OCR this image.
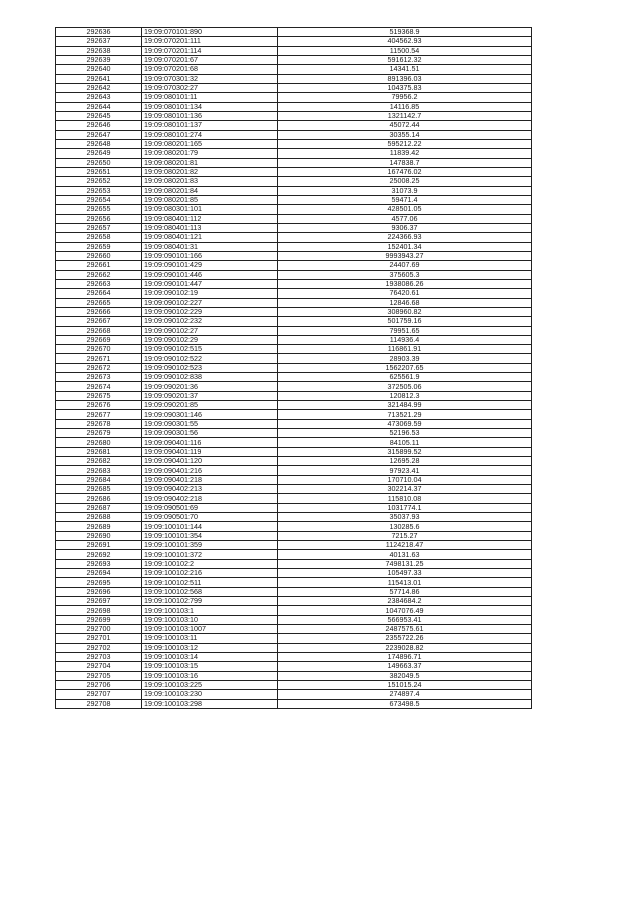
292636	19:09:070101:890	519368.9
292637	19:09:070201:111	404562.93
292638	19:09:070201:114	11500.54
292639	19:09:070201:67	591612.32
292640	19:09:070201:68	14341.51
292641	19:09:070301:32	891396.03
292642	19:09:070302:27	104375.83
292643	19:09:080101:11	79956.2
292644	19:09:080101:134	14116.85
292645	19:09:080101:136	1321142.7
292646	19:09:080101:137	45072.44
292647	19:09:080101:274	30355.14
292648	19:09:080201:165	595212.22
292649	19:09:080201:79	11839.42
292650	19:09:080201:81	147838.7
292651	19:09:080201:82	167476.02
292652	19:09:080201:83	25008.25
292653	19:09:080201:84	31073.9
292654	19:09:080201:85	59471.4
292655	19:09:080301:101	428501.05
292656	19:09:080401:112	4577.06
292657	19:09:080401:113	9306.37
292658	19:09:080401:121	224366.93
292659	19:09:080401:31	152401.34
292660	19:09:090101:166	9993943.27
292661	19:09:090101:429	24407.69
292662	19:09:090101:446	375605.3
292663	19:09:090101:447	1938086.26
292664	19:09:090102:19	76420.61
292665	19:09:090102:227	12846.68
292666	19:09:090102:229	308960.82
292667	19:09:090102:232	501759.16
292668	19:09:090102:27	79951.65
292669	19:09:090102:29	114936.4
292670	19:09:090102:515	116861.91
292671	19:09:090102:522	28903.39
292672	19:09:090102:523	1562207.65
292673	19:09:090102:838	625561.9
292674	19:09:090201:36	372505.06
292675	19:09:090201:37	120812.3
292676	19:09:090201:85	321484.99
292677	19:09:090301:146	713521.29
292678	19:09:090301:55	473069.59
292679	19:09:090301:56	52196.53
292680	19:09:090401:116	84105.11
292681	19:09:090401:119	315899.52
292682	19:09:090401:120	12695.28
292683	19:09:090401:216	97923.41
292684	19:09:090401:218	170710.04
292685	19:09:090402:213	302214.37
292686	19:09:090402:218	115810.08
292687	19:09:090501:69	1031774.1
292688	19:09:090501:70	35037.93
292689	19:09:100101:144	130285.6
292690	19:09:100101:354	7215.27
292691	19:09:100101:359	1124218.47
292692	19:09:100101:372	40131.63
292693	19:09:100102:2	7498131.25
292694	19:09:100102:216	105497.33
292695	19:09:100102:511	115413.01
292696	19:09:100102:568	57714.86
292697	19:09:100102:799	2384684.2
292698	19:09:100103:1	1047076.49
292699	19:09:100103:10	566953.41
292700	19:09:100103:1007	2487575.61
292701	19:09:100103:11	2355722.26
292702	19:09:100103:12	2239028.82
292703	19:09:100103:14	174896.71
292704	19:09:100103:15	149663.37
292705	19:09:100103:16	382049.5
292706	19:09:100103:225	151015.24
292707	19:09:100103:230	274897.4
292708	19:09:100103:298	673498.5
